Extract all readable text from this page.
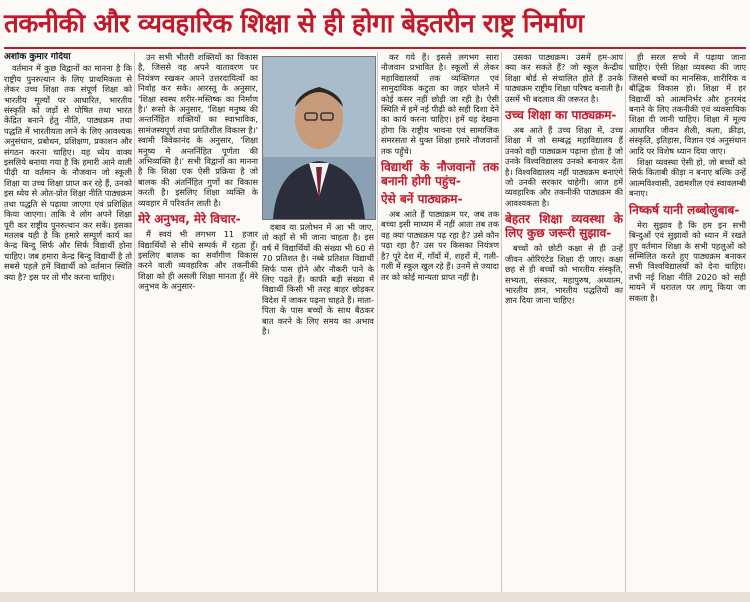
तकनीकी और व्यवहारिक शिक्षा से ही होगा बेहतरीन राष्ट्र निर्माण

अशोक कुमार गदिया

वर्तमान में कुछ विद्वानों का मानना है कि राष्ट्रीय पुनरुत्थान के लिए प्राथमिकता से लेकर उच्च शिक्षा तक संपूर्ण शिक्षा को भारतीय मूल्यों पर आधारित, भारतीय संस्कृति को जड़ों से पोषित तथा भारत केंद्रित बनाने हेतु नीति, पाठ्यक्रम तथा पद्धति में भारतीयता लाने के लिए आवश्यक अनुसंधान, प्रबोधन, प्रशिक्षण, प्रकाशन और संगठन करना चाहिए। यह ध्येय वाक्य इसलिये बनाया गया है कि हमारी आने वाली पीढ़ी या वर्तमान के नौजवान जो स्कूली शिक्षा या उच्च शिक्षा प्राप्त कर रहे हैं, उनको इस ध्येय से ओत-प्रोत शिक्षा नीति पाठ्यक्रम तथा पद्धति से पढ़ाया जाएगा एवं प्रशिक्षित किया जाएगा। ताकि वे लोग अपने शिक्षा पूरी कर राष्ट्रीय पुनरुत्थान कर सकें। इसका मतलब यही है कि हमारे सम्पूर्ण कार्य का केन्द्र बिन्दु सिर्फ और सिर्फ विद्यार्थी होना चाहिए। जब हमारा केन्द्र बिन्दु विद्यार्थी है तो सबसे पहले हमें विद्यार्थी को वर्तमान स्थिति क्या है? इस पर तो गौर करना चाहिए।

उन सभी भीतरी शक्तियों का विकास है, जिससे वह अपने वातावरण पर नियंत्रण रखकर अपने उत्तरदायित्वों का निर्वाह कर सके। आरस्तू के अनुसार, 'शिक्षा स्वस्थ शरीर-मस्तिष्क का निर्माण है।' रूसो के अनुसार, 'शिक्षा मनुष्य की अन्तर्निहित शक्तियों का स्वाभाविक, सामंजस्यपूर्ण तथा प्रगतिशील विकास है।' स्वामी विवेकानंद के अनुसार, 'शिक्षा मनुष्य में अन्तर्निहित पूर्णता की अभिव्यक्ति है।' सभी विद्वानों का मानना है कि शिक्षा एक ऐसी प्रक्रिया है जो बालक की अंतर्निहित गुणों का विकास करती है। इसलिए शिक्षा व्यक्ति के व्यवहार में परिवर्तन लाती है।

मेरे अनुभव, मेरे विचार-

मैं स्वयं भी लगभग 11 हजार विद्यार्थियों से सीधे सम्पर्क में रहता हूँ। इसलिए बालक का सर्वांगीण विकास करने वाली व्यवहारिक और तकनीकी शिक्षा को ही असली शिक्षा मानता हूँ। मेरे अनुभव के अनुसार-

दबाव या प्रलोभन में आ भी जाए, तो कहाँ से भी जाना चाहता है। इस वर्ष में विद्यार्थियों की संख्या भी 60 से 70 प्रतिशत है। नब्बे प्रतिशत विद्यार्थी सिर्फ पास होने और नौकरी पाने के लिए पढ़ते हैं। काफी बड़ी संख्या में विद्यार्थी किसी भी तरह बाहर छोड़कर विदेश में जाकर पढ़ना चाहते हैं। माता-पिता के पास बच्चों के साथ बैठकर बात करने के लिए समय का अभाव है।

कर गये हैं। इससे लगभग सारा नौजवान प्रभावित है। स्कूलों से लेकर महाविद्यालयों तक व्यक्तिगत एवं सामुदायिक कटुता का जहर घोलने में कोई कसर नहीं छोड़ी जा रही है। ऐसी स्थिति में हमें नई पीढ़ी को सही दिशा देने का कार्य करना चाहिए। हमें यह देखना होगा कि राष्ट्रीय भावना एवं सामाजिक समरसता से युक्त शिक्षा हमारे नौजवानों तक पहुँचे।

विद्यार्थी के नौजवानों तक बनानी होगी पहुंच-
ऐसे बनें पाठ्यक्रम-

अब आते हैं पाठ्यक्रम पर, जब तक बच्चा इसी माध्यम में नहीं आता तब तक वह क्या पाठ्यक्रम पढ़ रहा है? उसे कौन पढ़ा रहा है? उस पर किसका नियंत्रण है? पूरे देश में, गाँवों में, शहरों में, गली-गली में स्कूल खुल रहे हैं। उनमें से ज्यादा तर को कोई मान्यता प्राप्त नहीं है।

उसका पाठ्यक्रम। उसमें हम-आप क्या कर सकते हैं? जो स्कूल केन्द्रीय शिक्षा बोर्ड से संचालित होते हैं उनके पाठ्यक्रम राष्ट्रीय शिक्षा परिषद बनाती है। उसमें भी बदलाव की जरूरत है।

उच्च शिक्षा का पाठ्यक्रम-

अब आते हैं उच्च शिक्षा में, उच्च शिक्षा में जो सम्बद्ध महाविद्यालय हैं उनको वही पाठ्यक्रम पढ़ाना होता है जो उनके विश्वविद्यालय उनको बनाकर देता है। विश्वविद्यालय नहीं पाठ्यक्रम बनाएंगे जो उनकी सरकार चाहेगी। आज हमें व्यवहारिक और तकनीकी पाठ्यक्रम की आवश्यकता है।

बेहतर शिक्षा व्यवस्था के लिए कुछ जरूरी सुझाव-

बच्चों को छोटी कक्षा से ही उन्हें जीवन ओरिएंटेड शिक्षा दी जाए। कक्षा छह से ही बच्चों को भारतीय संस्कृति, सभ्यता, संस्कार, महापुरुष, अध्यात्म, भारतीय ज्ञान, भारतीय पद्धतियों का ज्ञान दिया जाना चाहिए।

ही सरल सच्चे में पढ़ाया जाना चाहिए। ऐसी शिक्षा व्यवस्था की जाए जिससे बच्चों का मानसिक, शारीरिक व बौद्धिक विकास हो। शिक्षा में हर विद्यार्थी को आत्मनिर्भर और हुनरमंद बनाने के लिए तकनीकी एवं व्यवसायिक शिक्षा दी जानी चाहिए। शिक्षा में मूल्य आधारित जीवन शैली, कला, क्रीड़ा, संस्कृति, इतिहास, विज्ञान एवं अनुसंधान आदि पर विशेष ध्यान दिया जाए।

शिक्षा व्यवस्था ऐसी हो, जो बच्चों को सिर्फ किताबी कीड़ा न बनाए बल्कि उन्हें आत्मविश्वासी, उद्यमशील एवं स्वावलम्बी बनाए।

निष्कर्ष यानी लब्बोलुबाब-

मेरा सुझाव है कि हम इन सभी बिन्दुओं एवं सुझावों को ध्यान में रखते हुए वर्तमान शिक्षा के सभी पहलुओं को सम्मिलित करते हुए पाठ्यक्रम बनाकर सभी विश्वविद्यालयों को देना चाहिए। तभी नई शिक्षा नीति 2020 को सही मायने में धरातल पर लागू किया जा सकता है।
